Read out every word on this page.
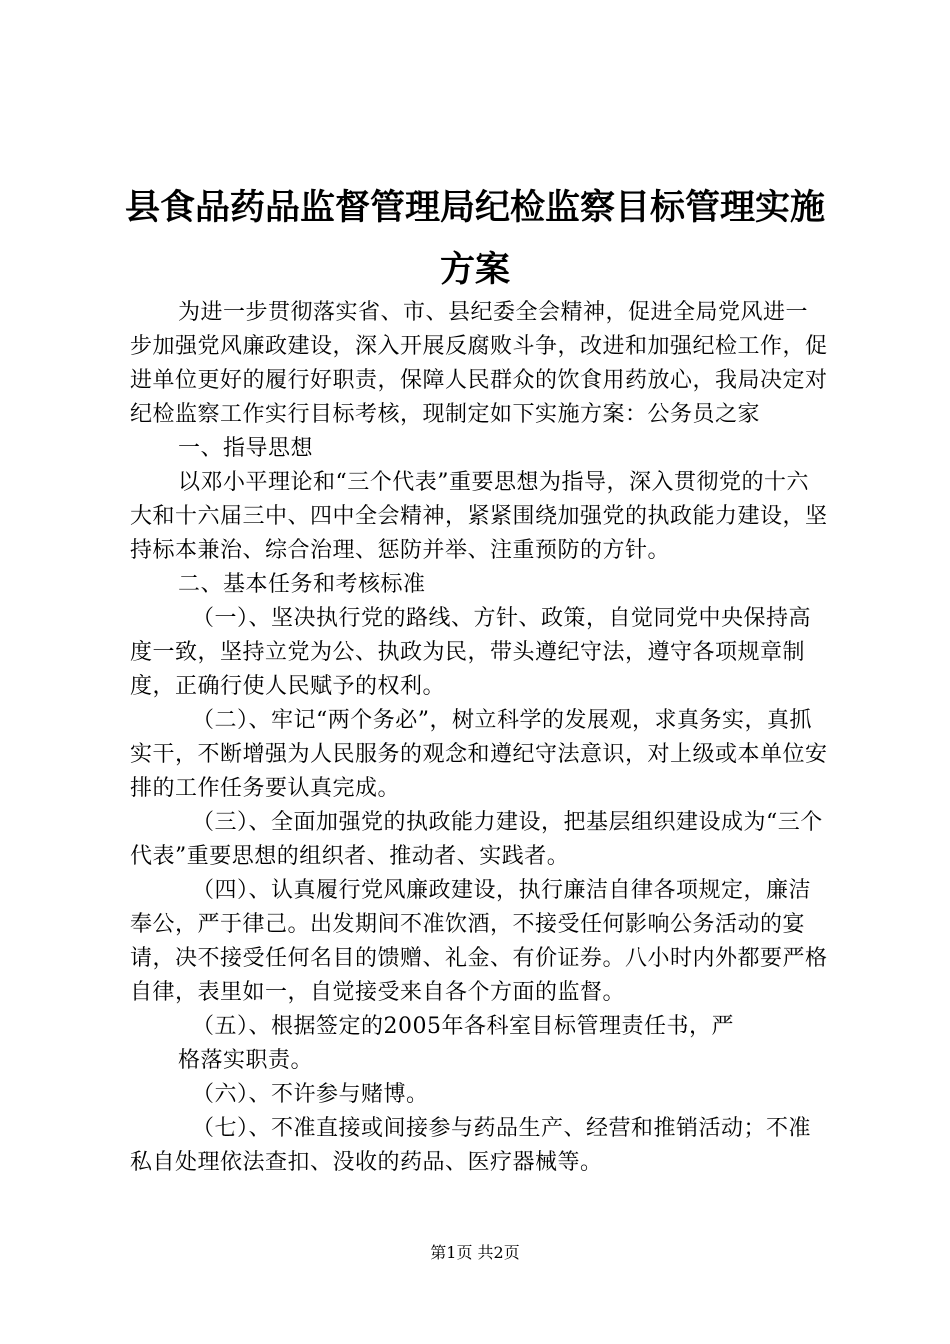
县食品药品监督管理局纪检监察目标管理实施
方案

为进一步贯彻落实省、市、县纪委全会精神，促进全局党风进一步加强党风廉政建设，深入开展反腐败斗争，改进和加强纪检工作，促进单位更好的履行好职责，保障人民群众的饮食用药放心，我局决定对纪检监察工作实行目标考核，现制定如下实施方案：公务员之家

一、指导思想

以邓小平理论和“三个代表”重要思想为指导，深入贯彻党的十六大和十六届三中、四中全会精神，紧紧围绕加强党的执政能力建设，坚持标本兼治、综合治理、惩防并举、注重预防的方针。

二、基本任务和考核标准

（一）、坚决执行党的路线、方针、政策，自觉同党中央保持高度一致，坚持立党为公、执政为民，带头遵纪守法，遵守各项规章制度，正确行使人民赋予的权利。

（二）、牢记“两个务必”，树立科学的发展观，求真务实，真抓实干，不断增强为人民服务的观念和遵纪守法意识，对上级或本单位安排的工作任务要认真完成。

（三）、全面加强党的执政能力建设，把基层组织建设成为“三个代表”重要思想的组织者、推动者、实践者。

（四）、认真履行党风廉政建设，执行廉洁自律各项规定，廉洁奉公，严于律己。出发期间不准饮酒，不接受任何影响公务活动的宴请，决不接受任何名目的馈赠、礼金、有价证券。八小时内外都要严格自律，表里如一，自觉接受来自各个方面的监督。

（五）、根据签定的2005年各科室目标管理责任书，严

格落实职责。

（六）、不许参与赌博。

（七）、不准直接或间接参与药品生产、经营和推销活动；不准私自处理依法查扣、没收的药品、医疗器械等。

第1页 共2页
